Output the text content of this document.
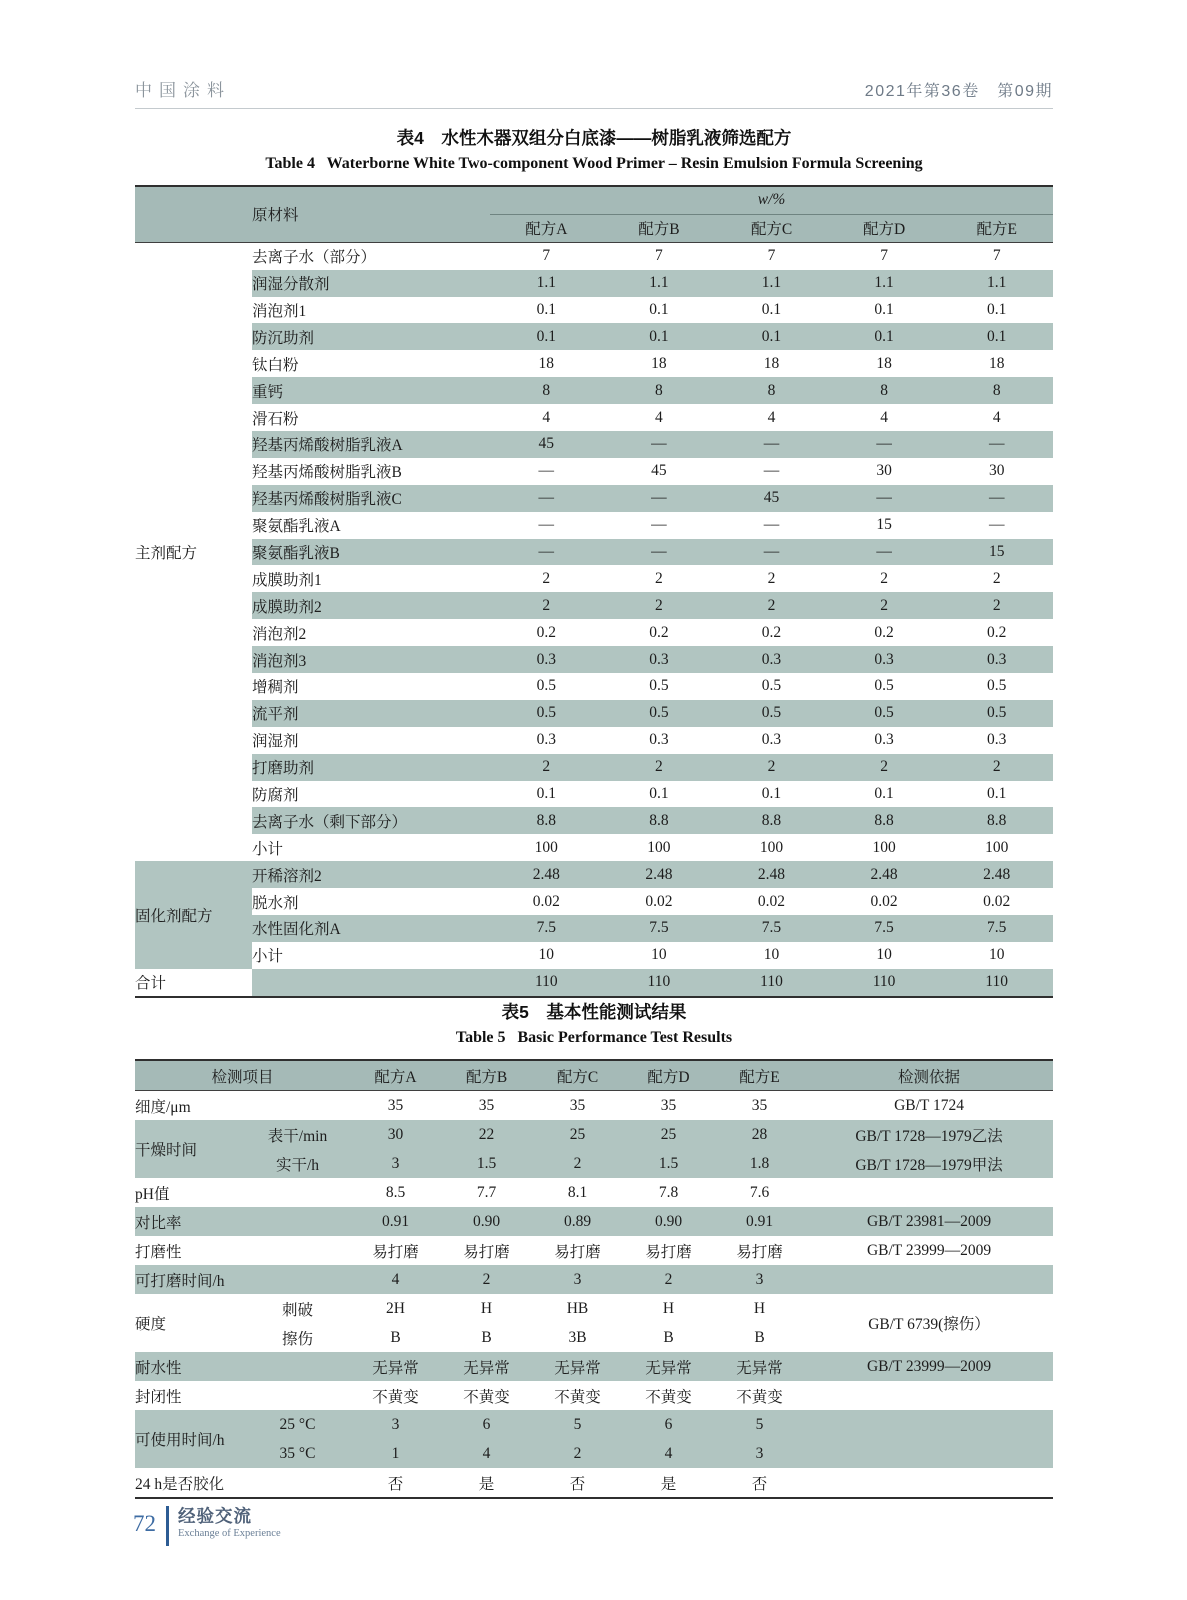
中国涂料	2021年第36卷　第09期
表4　水性木器双组分白底漆——树脂乳液筛选配方
Table 4   Waterborne White Two-component Wood Primer – Resin Emulsion Formula Screening
	原材料	w/%				
		配方A	配方B	配方C	配方D	配方E
主剂配方	去离子水（部分）	7	7	7	7	7
	润湿分散剂	1.1	1.1	1.1	1.1	1.1
	消泡剂1	0.1	0.1	0.1	0.1	0.1
	防沉助剂	0.1	0.1	0.1	0.1	0.1
	钛白粉	18	18	18	18	18
	重钙	8	8	8	8	8
	滑石粉	4	4	4	4	4
	羟基丙烯酸树脂乳液A	45	—	—	—	—
	羟基丙烯酸树脂乳液B	—	45	—	30	30
	羟基丙烯酸树脂乳液C	—	—	45	—	—
	聚氨酯乳液A	—	—	—	15	—
	聚氨酯乳液B	—	—	—	—	15
	成膜助剂1	2	2	2	2	2
	成膜助剂2	2	2	2	2	2
	消泡剂2	0.2	0.2	0.2	0.2	0.2
	消泡剂3	0.3	0.3	0.3	0.3	0.3
	增稠剂	0.5	0.5	0.5	0.5	0.5
	流平剂	0.5	0.5	0.5	0.5	0.5
	润湿剂	0.3	0.3	0.3	0.3	0.3
	打磨助剂	2	2	2	2	2
	防腐剂	0.1	0.1	0.1	0.1	0.1
	去离子水（剩下部分）	8.8	8.8	8.8	8.8	8.8
	小计	100	100	100	100	100
固化剂配方	开稀溶剂2	2.48	2.48	2.48	2.48	2.48
	脱水剂	0.02	0.02	0.02	0.02	0.02
	水性固化剂A	7.5	7.5	7.5	7.5	7.5
	小计	10	10	10	10	10
合计		110	110	110	110	110
表5　基本性能测试结果
Table 5   Basic Performance Test Results
检测项目		配方A	配方B	配方C	配方D	配方E	检测依据
细度/μm		35	35	35	35	35	GB/T 1724
干燥时间	表干/min	30	22	25	25	28	GB/T 1728—1979乙法
	实干/h	3	1.5	2	1.5	1.8	GB/T 1728—1979甲法
pH值		8.5	7.7	8.1	7.8	7.6	
对比率		0.91	0.90	0.89	0.90	0.91	GB/T 23981—2009
打磨性		易打磨	易打磨	易打磨	易打磨	易打磨	GB/T 23999—2009
可打磨时间/h		4	2	3	2	3	
硬度	刺破	2H	H	HB	H	H	GB/T 6739(擦伤）
	擦伤	B	B	3B	B	B	
耐水性		无异常	无异常	无异常	无异常	无异常	GB/T 23999—2009
封闭性		不黄变	不黄变	不黄变	不黄变	不黄变	
可使用时间/h	25 °C	3	6	5	6	5	
	35 °C	1	4	2	4	3	
24 h是否胶化		否	是	否	是	否	
72 经验交流
Exchange of Experience
